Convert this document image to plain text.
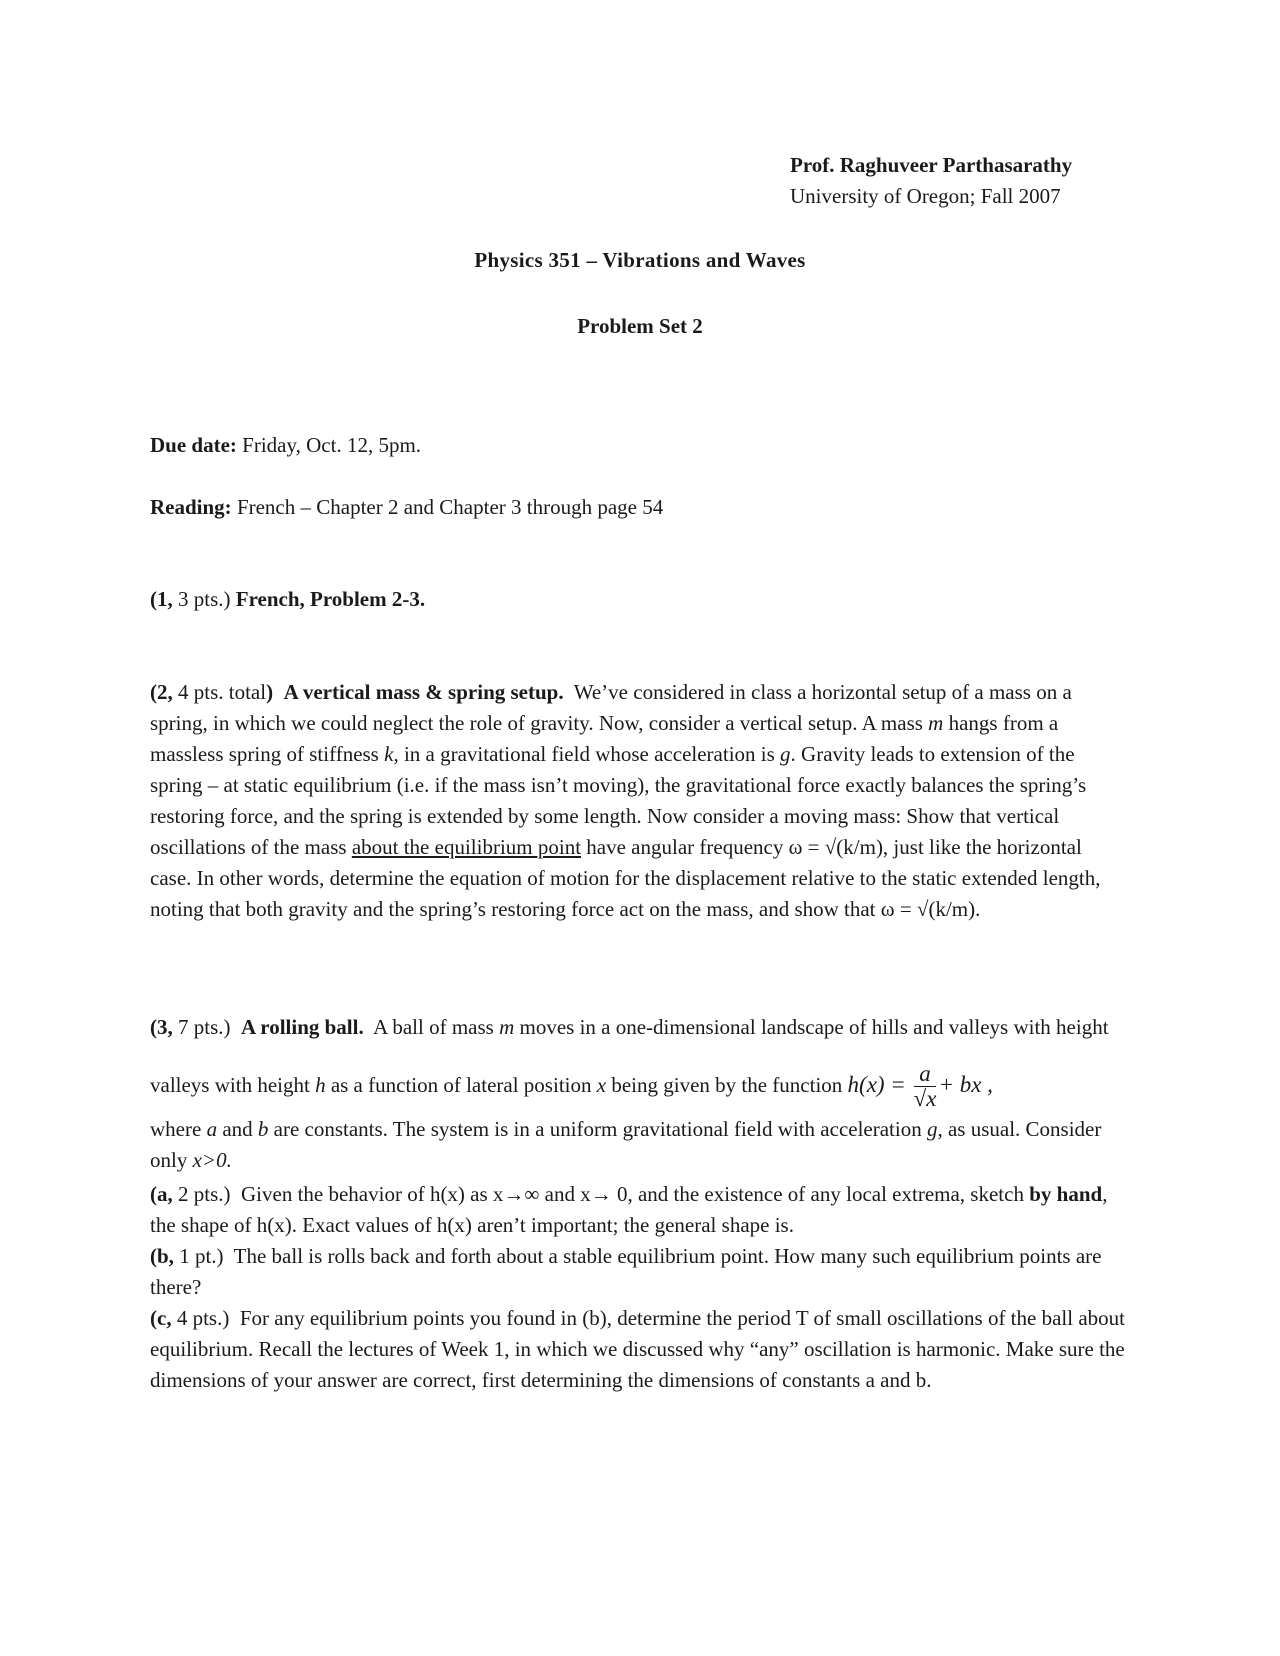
Prof. Raghuveer Parthasarathy
University of Oregon; Fall 2007
Physics 351 – Vibrations and Waves
Problem Set 2
Due date: Friday, Oct. 12, 5pm.
Reading: French – Chapter 2 and Chapter 3 through page 54
(1, 3 pts.) French, Problem 2-3.

(2, 4 pts. total) A vertical mass & spring setup. We’ve considered in class a horizontal setup of a mass on a spring, in which we could neglect the role of gravity. Now, consider a vertical setup. A mass m hangs from a massless spring of stiffness k, in a gravitational field whose acceleration is g. Gravity leads to extension of the spring – at static equilibrium (i.e. if the mass isn’t moving), the gravitational force exactly balances the spring’s restoring force, and the spring is extended by some length. Now consider a moving mass: Show that vertical oscillations of the mass about the equilibrium point have angular frequency ω = √(k/m), just like the horizontal case. In other words, determine the equation of motion for the displacement relative to the static extended length, noting that both gravity and the spring’s restoring force act on the mass, and show that ω = √(k/m).

(3, 7 pts.) A rolling ball. A ball of mass m moves in a one-dimensional landscape of hills and valleys with height

valleys with height h as a function of lateral position x being given by the function $h(x) = \frac{a}{√x}$ + bx ,

where a and b are constants. The system is in a uniform gravitational field with acceleration g, as usual. Consider only x>0.

(a, 2 pts.) Given the behavior of h(x) as x→∞ and x→ 0, and the existence of any local extrema, sketch by hand, the shape of h(x). Exact values of h(x) aren’t important; the general shape is.

(b, 1 pt.) The ball is rolls back and forth about a stable equilibrium point. How many such equilibrium points are there?

(c, 4 pts.) For any equilibrium points you found in (b), determine the period T of small oscillations of the ball about equilibrium. Recall the lectures of Week 1, in which we discussed why “any” oscillation is harmonic. Make sure the dimensions of your answer are correct, first determining the dimensions of constants a and b.
